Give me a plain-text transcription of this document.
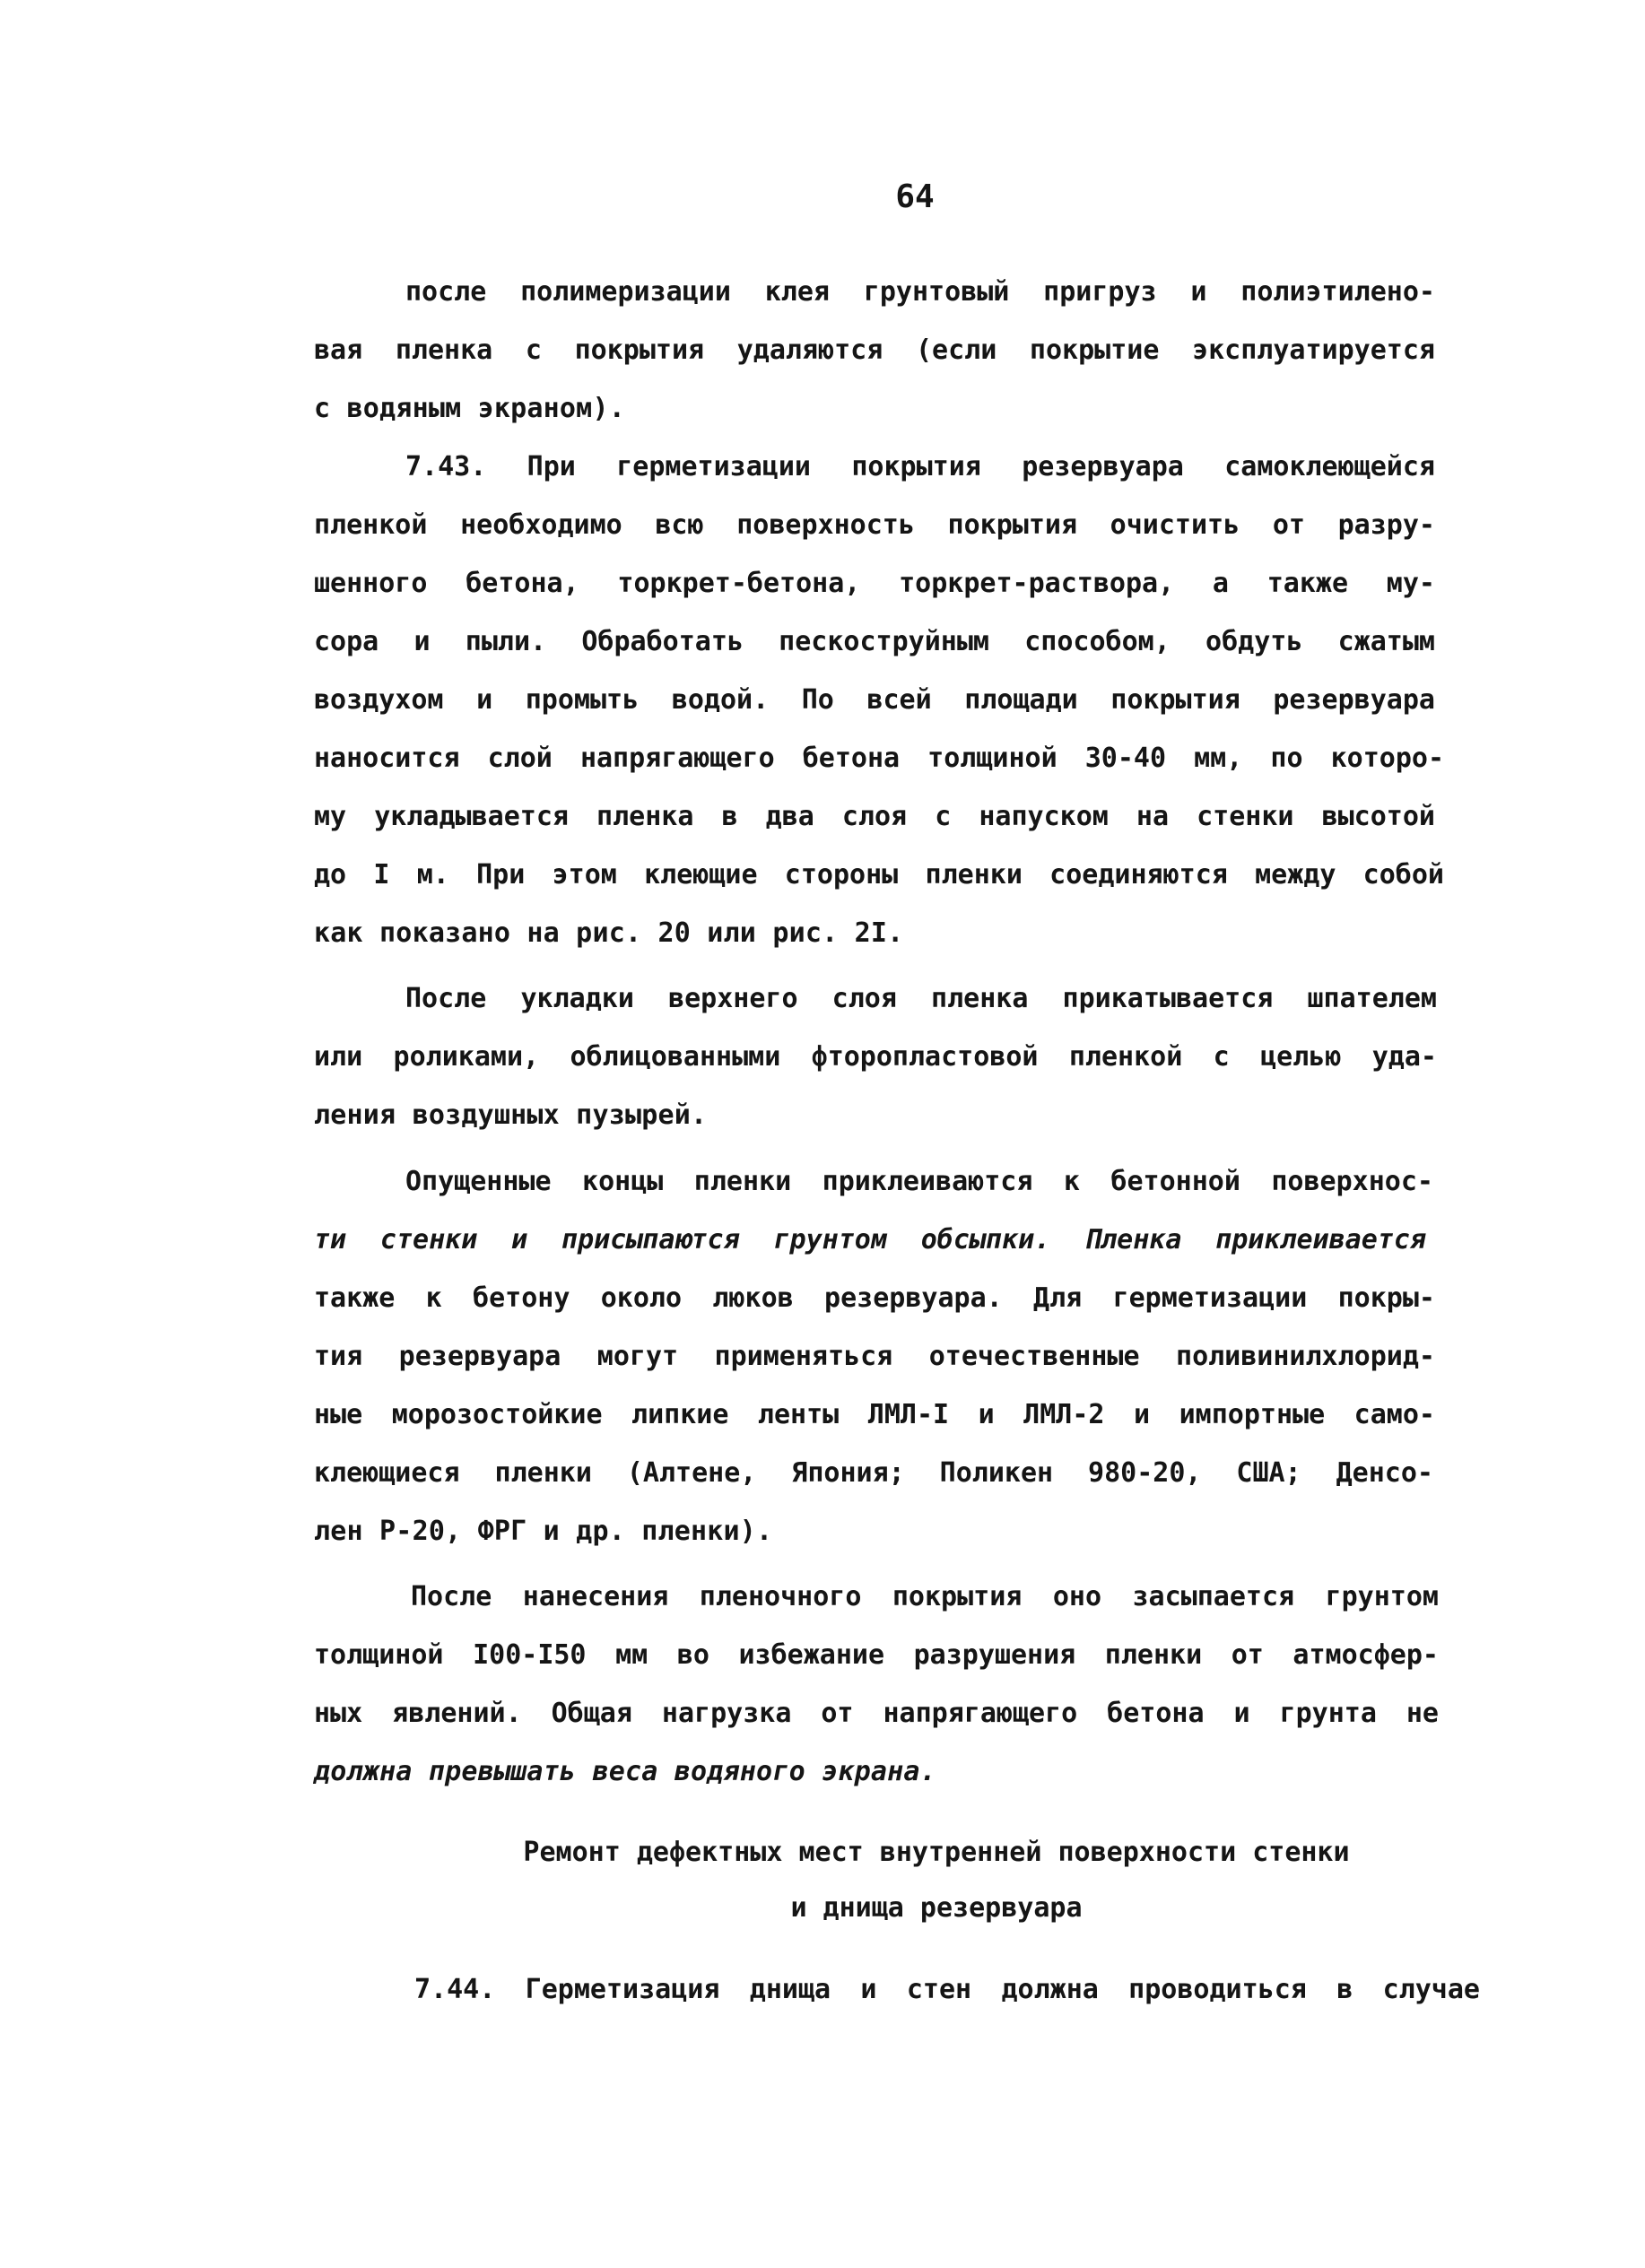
64
после полимеризации клея грунтовый пригруз и полиэтилено-
вая пленка с покрытия удаляются (если покрытие эксплуатируется
с водяным экраном).
7.43. При герметизации покрытия резервуара самоклеющейся
пленкой необходимо всю поверхность покрытия очистить от разру-
шенного бетона, торкрет-бетона, торкрет-раствора, а также му-
сора и пыли. Обработать пескоструйным способом, обдуть сжатым
воздухом и промыть водой. По всей площади покрытия резервуара
наносится слой напрягающего бетона толщиной 30-40 мм, по которо-
му укладывается пленка в два слоя с напуском на стенки высотой
до I м. При этом клеющие стороны пленки соединяются между собой
как показано на рис. 20 или рис. 2I.
После укладки верхнего слоя пленка прикатывается шпателем
или роликами, облицованными фторопластовой пленкой с целью уда-
ления воздушных пузырей.
Опущенные концы пленки приклеиваются к бетонной поверхнос-
ти стенки и присыпаются грунтом обсыпки. Пленка приклеивается
также к бетону около люков резервуара. Для герметизации покры-
тия резервуара могут применяться отечественные поливинилхлорид-
ные морозостойкие липкие ленты ЛМЛ-I и ЛМЛ-2 и импортные само-
клеющиеся пленки (Алтене, Япония; Поликен 980-20, США; Денсо-
лен Р-20, ФРГ и др. пленки).
После нанесения пленочного покрытия оно засыпается грунтом
толщиной I00-I50 мм во избежание разрушения пленки от атмосфер-
ных явлений. Общая нагрузка от напрягающего бетона и грунта не
должна превышать веса водяного экрана.
Ремонт дефектных мест внутренней поверхности стенки
и днища резервуара
7.44. Герметизация днища и стен должна проводиться в случае
